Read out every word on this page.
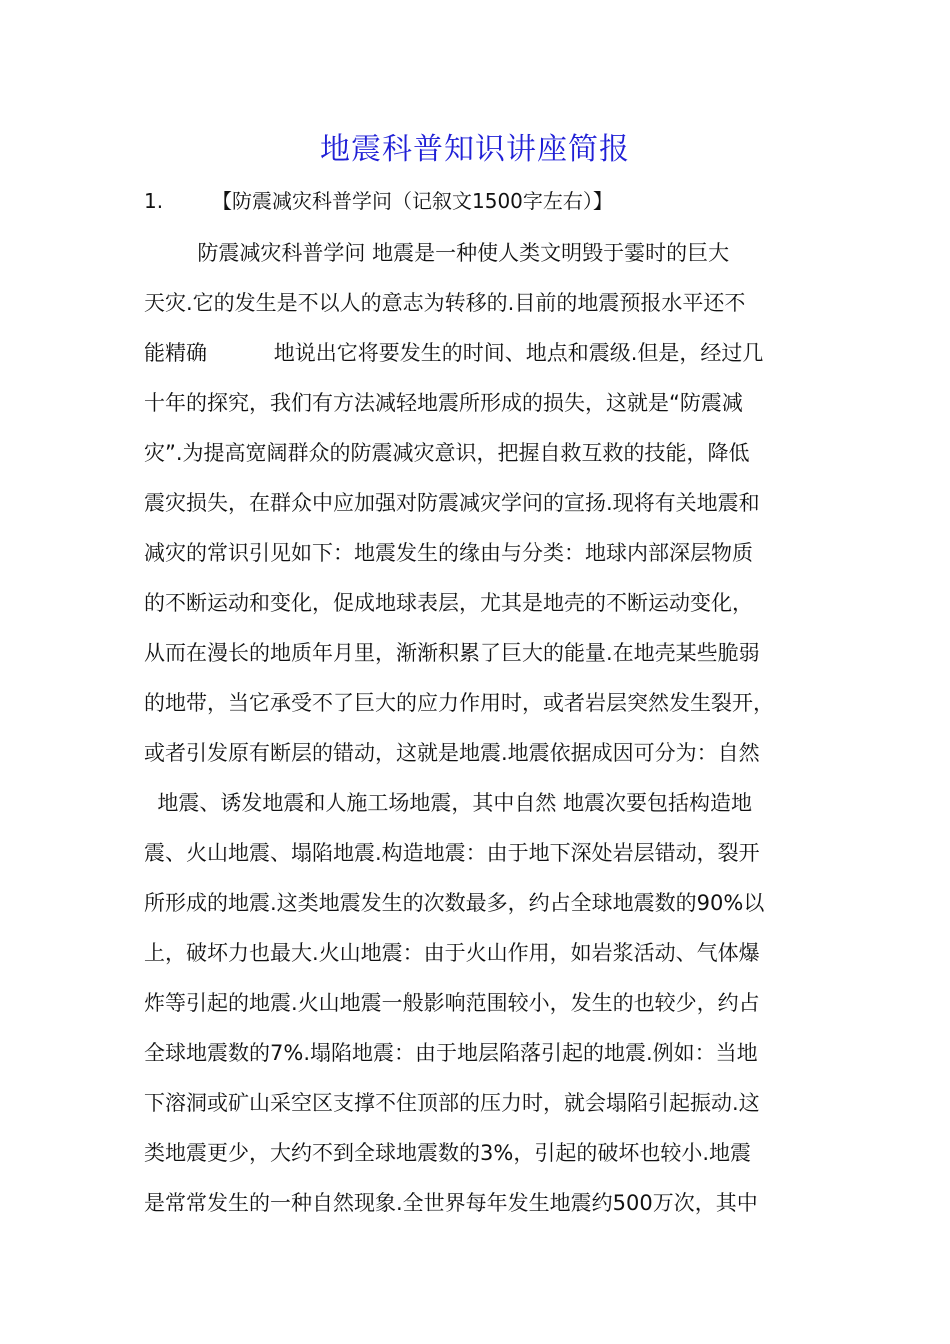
地震科普知识讲座简报
1. 【防震减灾科普学问（记叙文1500字左右）】
防震减灾科普学问 地震是一种使人类文明毁于霎时的巨大
天灾.它的发生是不以人的意志为转移的.目前的地震预报水平还不
能精确          地说出它将要发生的时间、地点和震级.但是，经过几
十年的探究，我们有方法减轻地震所形成的损失，这就是“防震减
灾”.为提高宽阔群众的防震减灾意识，把握自救互救的技能，降低
震灾损失，在群众中应加强对防震减灾学问的宣扬.现将有关地震和
减灾的常识引见如下：地震发生的缘由与分类：地球内部深层物质
的不断运动和变化，促成地球表层，尤其是地壳的不断运动变化，
从而在漫长的地质年月里，渐渐积累了巨大的能量.在地壳某些脆弱
的地带，当它承受不了巨大的应力作用时，或者岩层突然发生裂开，
或者引发原有断层的错动，这就是地震.地震依据成因可分为：自然
地震、诱发地震和人施工场地震，其中自然 地震次要包括构造地
震、火山地震、塌陷地震.构造地震：由于地下深处岩层错动，裂开
所形成的地震.这类地震发生的次数最多，约占全球地震数的90%以
上，破坏力也最大.火山地震：由于火山作用，如岩浆活动、气体爆
炸等引起的地震.火山地震一般影响范围较小，发生的也较少，约占
全球地震数的7%.塌陷地震：由于地层陷落引起的地震.例如：当地
下溶洞或矿山采空区支撑不住顶部的压力时，就会塌陷引起振动.这
类地震更少，大约不到全球地震数的3%，引起的破坏也较小.地震
是常常发生的一种自然现象.全世界每年发生地震约500万次，其中
